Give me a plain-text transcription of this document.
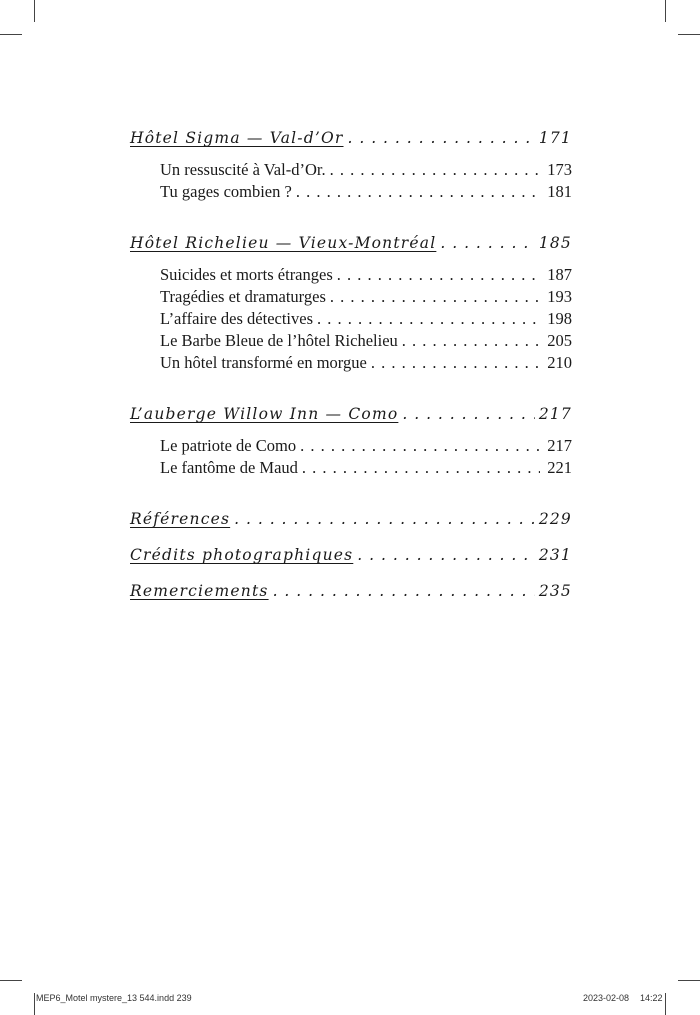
Hôtel Sigma — Val-d’Or . . .	171
Un ressuscité à Val-d’Or. . . .	173
Tu gages combien ? . . .	181
Hôtel Richelieu — Vieux-Montréal . . .	185
Suicides et morts étranges . . .	187
Tragédies et dramaturges . . .	193
L’affaire des détectives . . .	198
Le Barbe Bleue de l’hôtel Richelieu . . .	205
Un hôtel transformé en morgue . . .	210
L’auberge Willow Inn — Como . . .	217
Le patriote de Como . . .	217
Le fantôme de Maud . . .	221
Références . . .	229
Crédits photographiques . . .	231
Remerciements . . .	235
MEP6_Motel mystere_13 544.indd 239	2023-02-08 14:22
